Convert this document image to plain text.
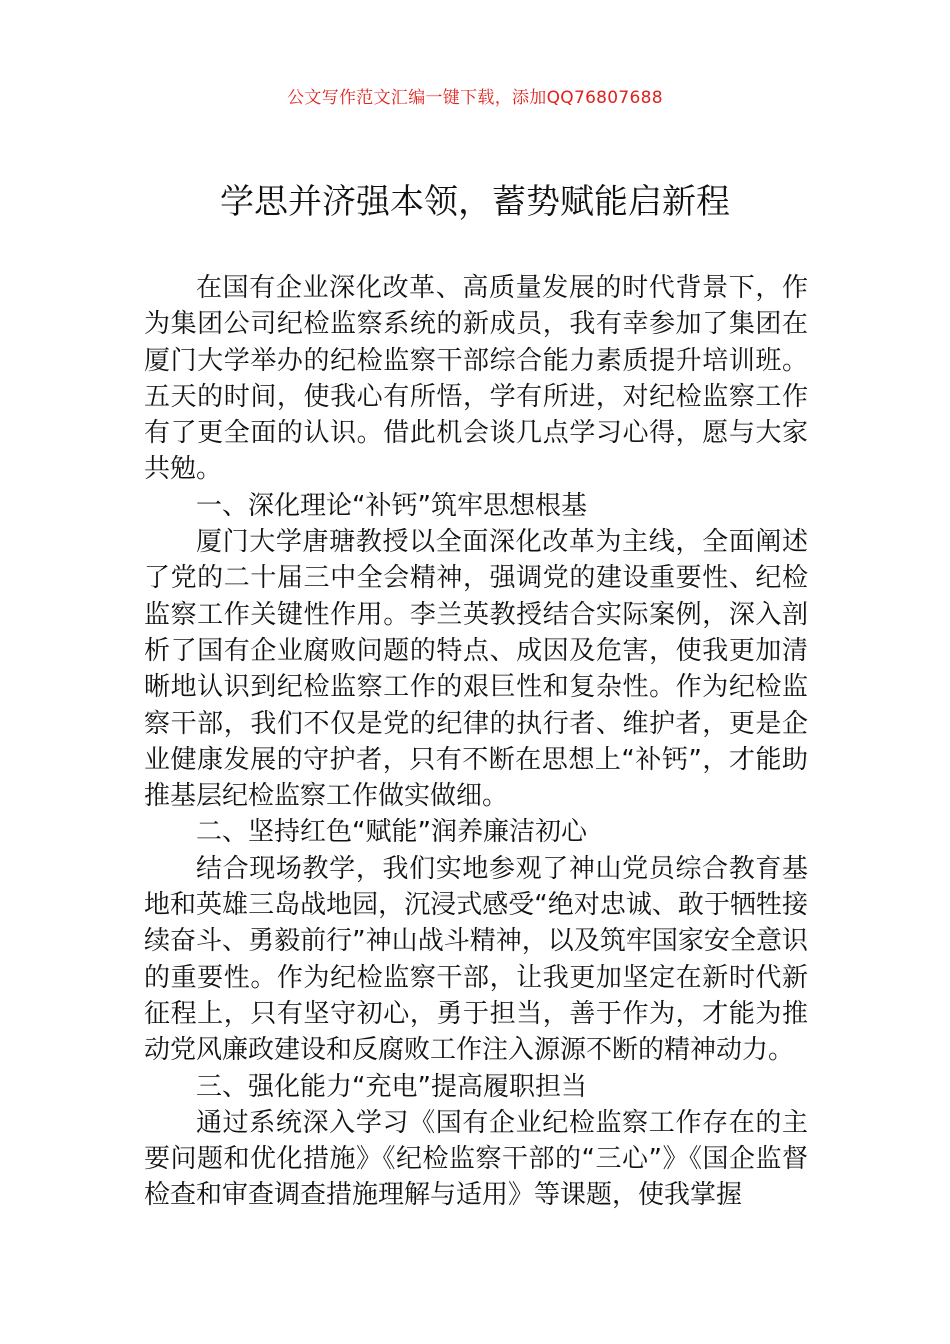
公文写作范文汇编一键下载，添加QQ76807688
学思并济强本领，蓄势赋能启新程

在国有企业深化改革、高质量发展的时代背景下，作为集团公司纪检监察系统的新成员，我有幸参加了集团在厦门大学举办的纪检监察干部综合能力素质提升培训班。五天的时间，使我心有所悟，学有所进，对纪检监察工作有了更全面的认识。借此机会谈几点学习心得，愿与大家共勉。

一、深化理论“补钙”筑牢思想根基

厦门大学唐瑭教授以全面深化改革为主线，全面阐述了党的二十届三中全会精神，强调党的建设重要性、纪检监察工作关键性作用。李兰英教授结合实际案例，深入剖析了国有企业腐败问题的特点、成因及危害，使我更加清晰地认识到纪检监察工作的艰巨性和复杂性。作为纪检监察干部，我们不仅是党的纪律的执行者、维护者，更是企业健康发展的守护者，只有不断在思想上“补钙”，才能助推基层纪检监察工作做实做细。

二、坚持红色“赋能”润养廉洁初心

结合现场教学，我们实地参观了神山党员综合教育基地和英雄三岛战地园，沉浸式感受“绝对忠诚、敢于牺牲接续奋斗、勇毅前行”神山战斗精神，以及筑牢国家安全意识的重要性。作为纪检监察干部，让我更加坚定在新时代新征程上，只有坚守初心，勇于担当，善于作为，才能为推动党风廉政建设和反腐败工作注入源源不断的精神动力。

三、强化能力“充电”提高履职担当

通过系统深入学习《国有企业纪检监察工作存在的主要问题和优化措施》《纪检监察干部的“三心”》《国企监督检查和审查调查措施理解与适用》等课题，使我掌握
